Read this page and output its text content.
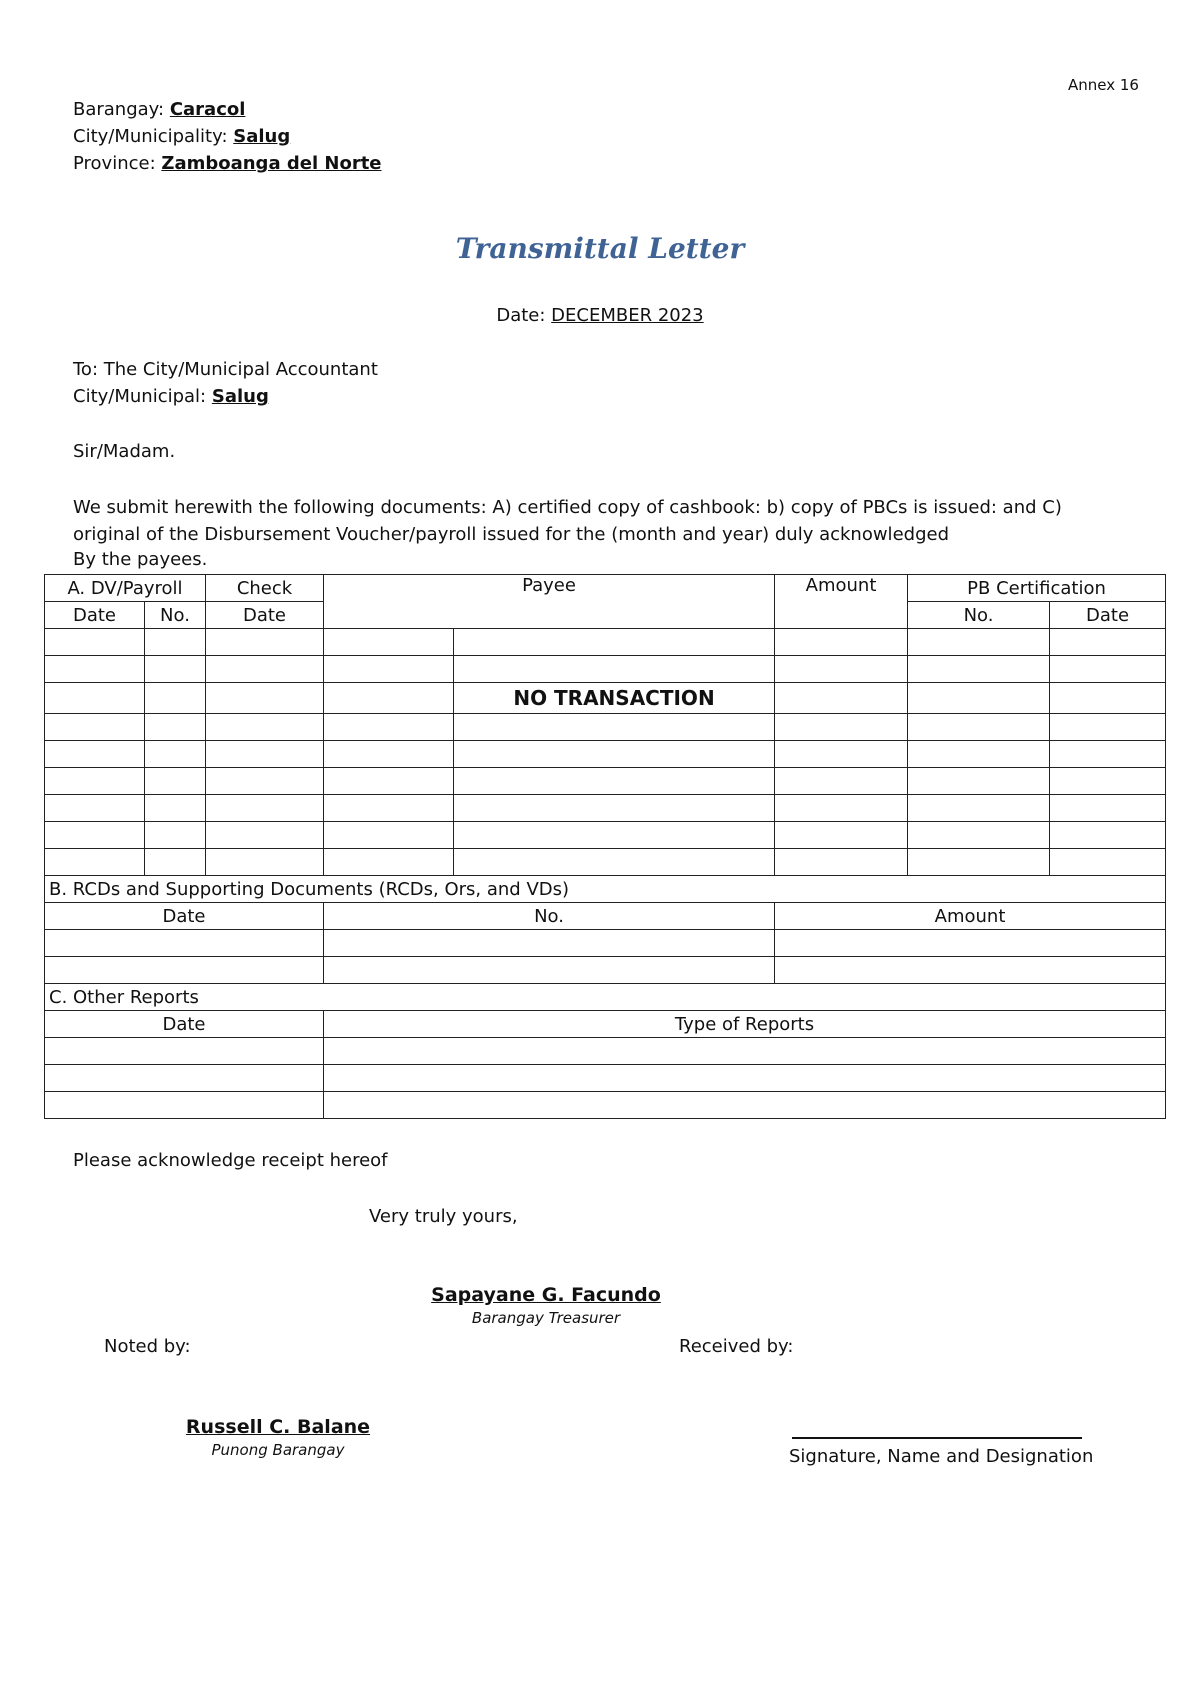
Annex 16
Barangay: Caracol
City/Municipality: Salug
Province: Zamboanga del Norte
Transmittal Letter
Date: DECEMBER 2023
To: The City/Municipal Accountant
City/Municipal: Salug
Sir/Madam.
We submit herewith the following documents: A) certified copy of cashbook: b) copy of PBCs is issued: and C) original of the Disbursement Voucher/payroll issued for the (month and year) duly acknowledged
By the payees.
A. DV/Payroll		Check	Payee		Amount	PB Certification		
Date	No.	Date				No.	Date	

				NO TRANSACTION				

B. RCDs and Supporting Documents (RCDs, Ors, and VDs)								
Date			No.		Amount			

C. Other Reports								
Date			Type of Reports					

Please acknowledge receipt hereof
Very truly yours,
Sapayane G. Facundo
Barangay Treasurer
Noted by:	Received by:
Russell C. Balane
Punong Barangay	Signature, Name and Designation
